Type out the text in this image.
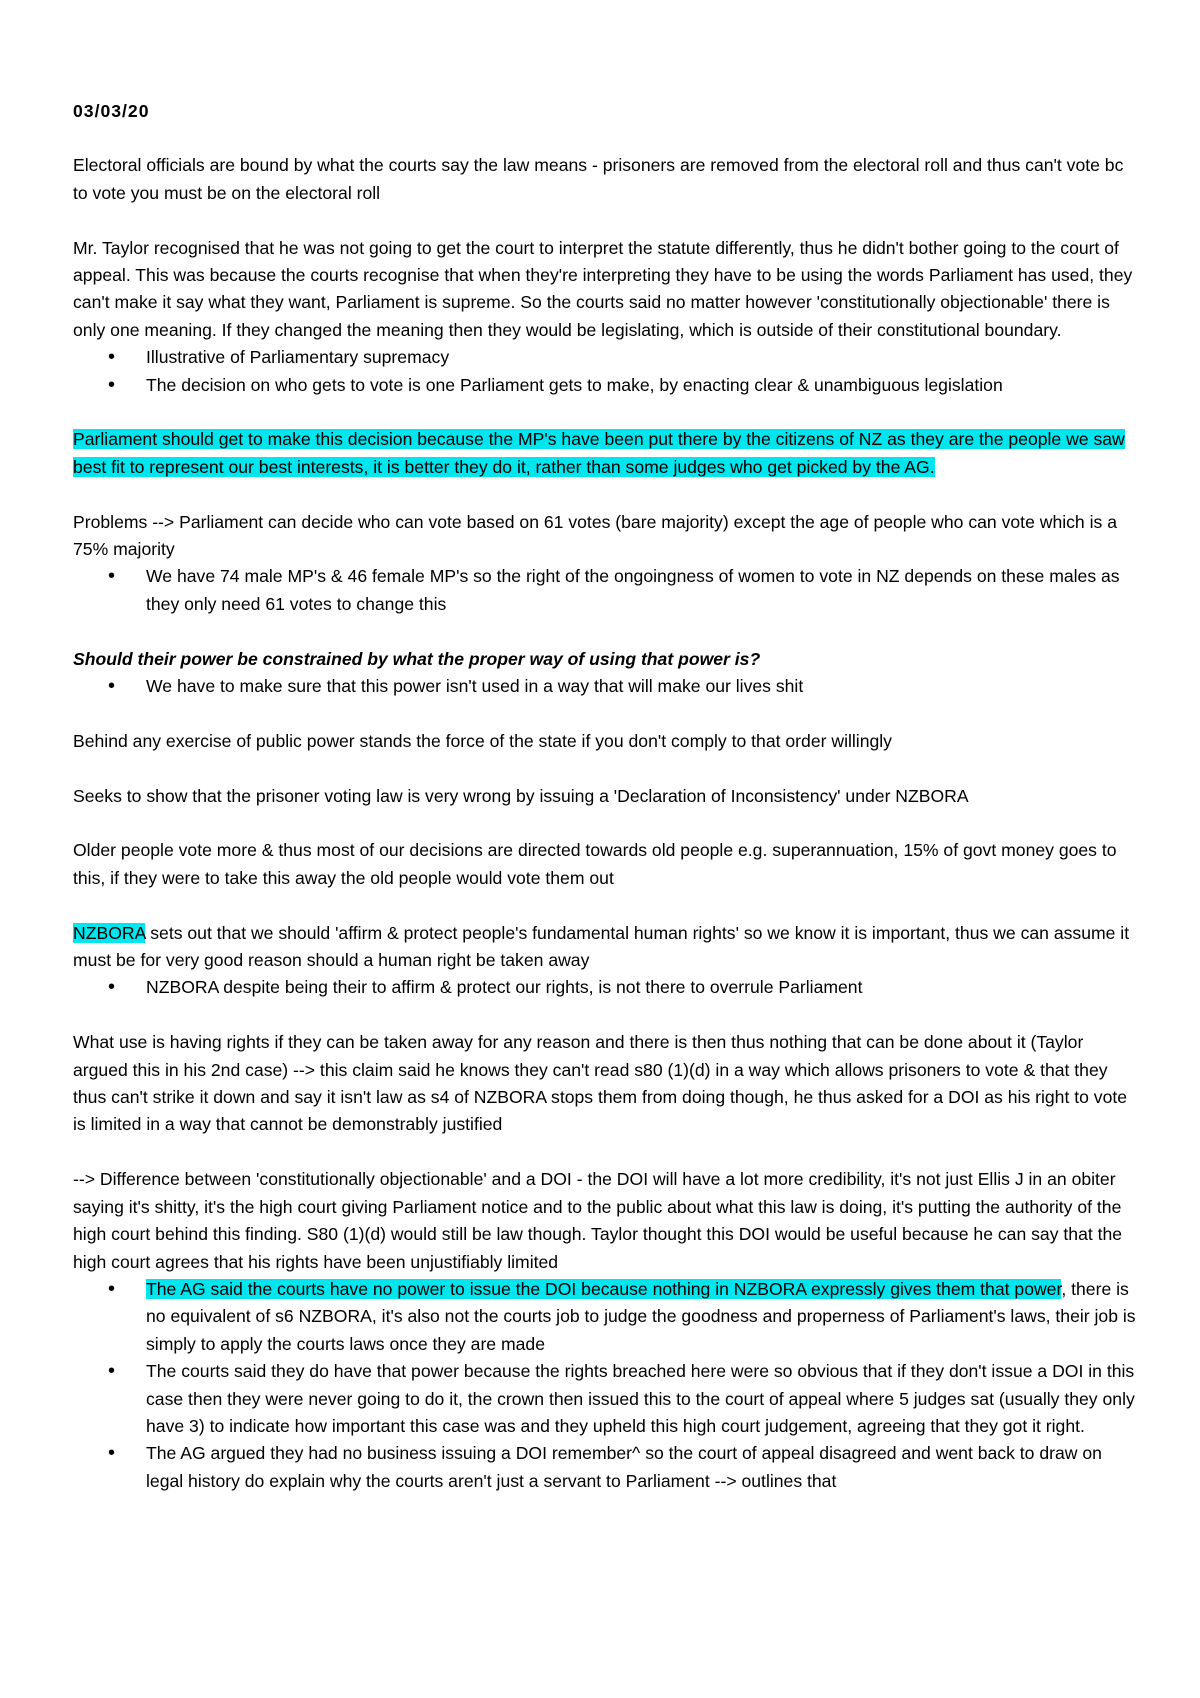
03/03/20

Electoral officials are bound by what the courts say the law means - prisoners are removed from the electoral roll and thus can't vote bc to vote you must be on the electoral roll

Mr. Taylor recognised that he was not going to get the court to interpret the statute differently, thus he didn't bother going to the court of appeal. This was because the courts recognise that when they're interpreting they have to be using the words Parliament has used, they can't make it say what they want, Parliament is supreme. So the courts said no matter however 'constitutionally objectionable' there is only one meaning. If they changed the meaning then they would be legislating, which is outside of their constitutional boundary.

• Illustrative of Parliamentary supremacy
• The decision on who gets to vote is one Parliament gets to make, by enacting clear & unambiguous legislation

Parliament should get to make this decision because the MP's have been put there by the citizens of NZ as they are the people we saw best fit to represent our best interests, it is better they do it, rather than some judges who get picked by the AG.

Problems --> Parliament can decide who can vote based on 61 votes (bare majority) except the age of people who can vote which is a 75% majority

• We have 74 male MP's & 46 female MP's so the right of the ongoingness of women to vote in NZ depends on these males as they only need 61 votes to change this

Should their power be constrained by what the proper way of using that power is?

• We have to make sure that this power isn't used in a way that will make our lives shit

Behind any exercise of public power stands the force of the state if you don't comply to that order willingly

Seeks to show that the prisoner voting law is very wrong by issuing a 'Declaration of Inconsistency' under NZBORA

Older people vote more & thus most of our decisions are directed towards old people e.g. superannuation, 15% of govt money goes to this, if they were to take this away the old people would vote them out

NZBORA sets out that we should 'affirm & protect people's fundamental human rights' so we know it is important, thus we can assume it must be for very good reason should a human right be taken away

• NZBORA despite being their to affirm & protect our rights, is not there to overrule Parliament

What use is having rights if they can be taken away for any reason and there is then thus nothing that can be done about it (Taylor argued this in his 2nd case) --> this claim said he knows they can't read s80 (1)(d) in a way which allows prisoners to vote & that they thus can't strike it down and say it isn't law as s4 of NZBORA stops them from doing though, he thus asked for a DOI as his right to vote is limited in a way that cannot be demonstrably justified

--> Difference between 'constitutionally objectionable' and a DOI - the DOI will have a lot more credibility, it's not just Ellis J in an obiter saying it's shitty, it's the high court giving Parliament notice and to the public about what this law is doing, it's putting the authority of the high court behind this finding. S80 (1)(d) would still be law though. Taylor thought this DOI would be useful because he can say that the high court agrees that his rights have been unjustifiably limited

• The AG said the courts have no power to issue the DOI because nothing in NZBORA expressly gives them that power, there is no equivalent of s6 NZBORA, it's also not the courts job to judge the goodness and properness of Parliament's laws, their job is simply to apply the courts laws once they are made
• The courts said they do have that power because the rights breached here were so obvious that if they don't issue a DOI in this case then they were never going to do it, the crown then issued this to the court of appeal where 5 judges sat (usually they only have 3) to indicate how important this case was and they upheld this high court judgement, agreeing that they got it right.
• The AG argued they had no business issuing a DOI remember^ so the court of appeal disagreed and went back to draw on legal history do explain why the courts aren't just a servant to Parliament --> outlines that
